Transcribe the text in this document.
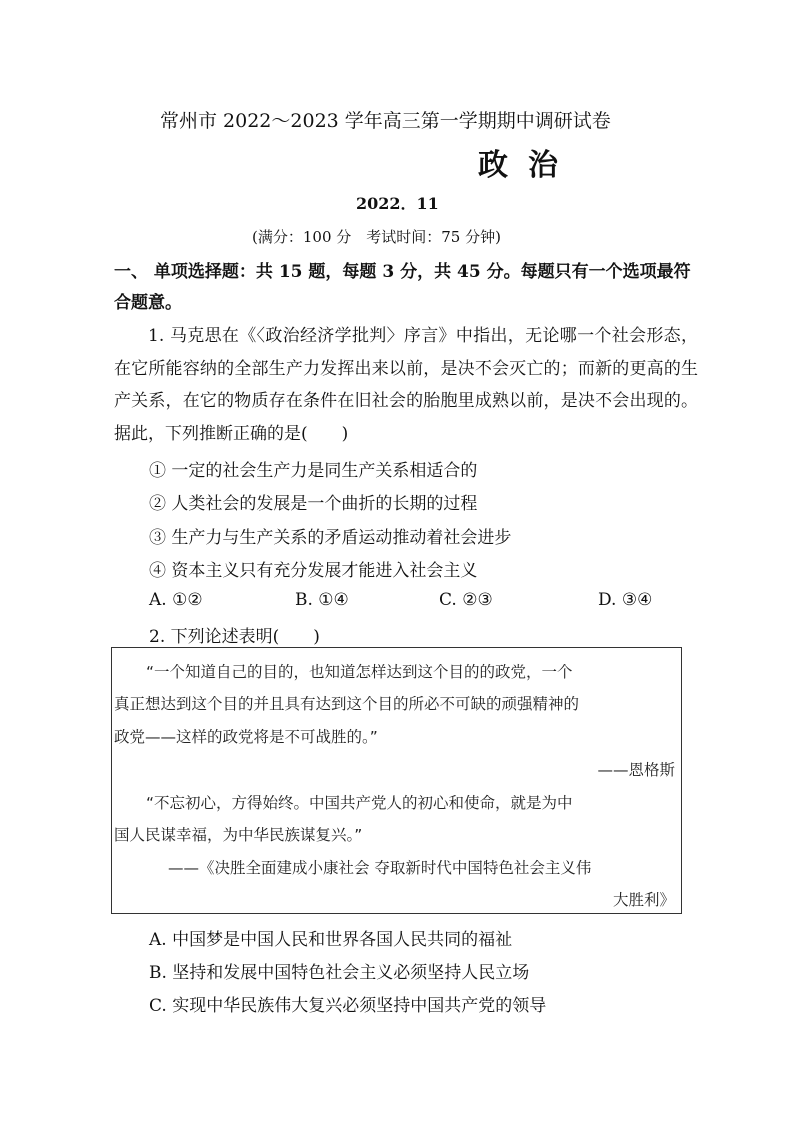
常州市 2022～2023 学年高三第一学期期中调研试卷
政治
2022．11
(满分：100 分　考试时间：75 分钟)
一、 单项选择题：共 15 题，每题 3 分，共 45 分。每题只有一个选项最符合题意。
1. 马克思在《〈政治经济学批判〉序言》中指出，无论哪一个社会形态，在它所能容纳的全部生产力发挥出来以前，是决不会灭亡的；而新的更高的生产关系，在它的物质存在条件在旧社会的胎胞里成熟以前，是决不会出现的。据此，下列推断正确的是(　　)
① 一定的社会生产力是同生产关系相适合的
② 人类社会的发展是一个曲折的长期的过程
③ 生产力与生产关系的矛盾运动推动着社会进步
④ 资本主义只有充分发展才能进入社会主义
A. ①②	B. ①④	C. ②③	D. ③④
2. 下列论述表明(　　)
“一个知道自己的目的，也知道怎样达到这个目的的政党，一个
真正想达到这个目的并且具有达到这个目的所必不可缺的顽强精神的
政党——这样的政党将是不可战胜的。”
——恩格斯
“不忘初心，方得始终。中国共产党人的初心和使命，就是为中
国人民谋幸福，为中华民族谋复兴。”
——《决胜全面建成小康社会 夺取新时代中国特色社会主义伟
大胜利》
A. 中国梦是中国人民和世界各国人民共同的福祉
B. 坚持和发展中国特色社会主义必须坚持人民立场
C. 实现中华民族伟大复兴必须坚持中国共产党的领导
